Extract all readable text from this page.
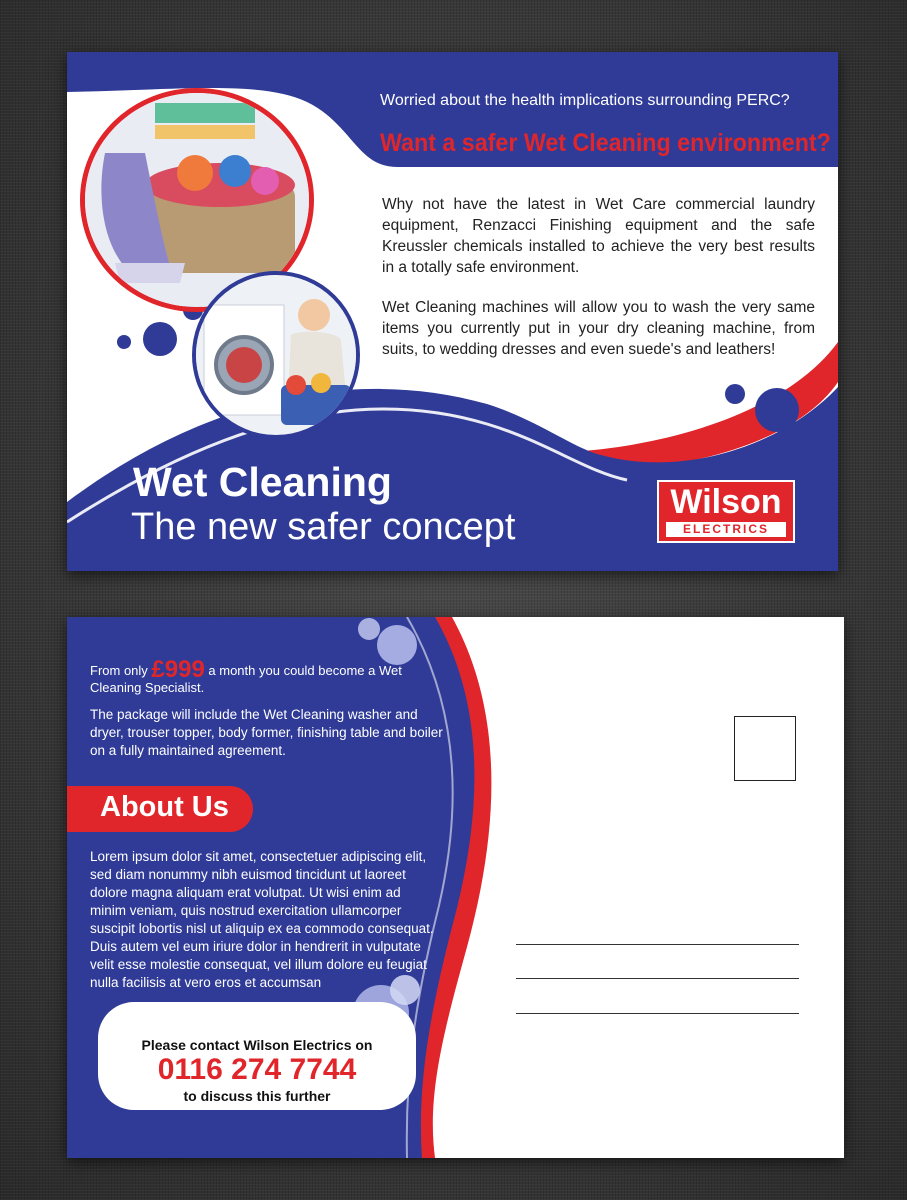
Worried about the health implications surrounding PERC?

Want a safer Wet Cleaning environment?

Why not have the latest in Wet Care commercial laundry equipment, Renzacci Finishing equipment and the safe Kreussler chemicals installed to achieve the very best results in a totally safe environment.

Wet Cleaning machines will allow you to wash the very same items you currently put in your dry cleaning machine, from suits, to wedding dresses and even suede's and leathers!

Wet Cleaning

The new safer concept

Wilson
ELECTRICS

From only £999 a month you could become a Wet Cleaning Specialist.

The package will include the Wet Cleaning washer and dryer, trouser topper, body former, finishing table and boiler on a fully maintained agreement.

About Us

Lorem ipsum dolor sit amet, consectetuer adipiscing elit, sed diam nonummy nibh euismod tincidunt ut laoreet dolore magna aliquam erat volutpat. Ut wisi enim ad minim veniam, quis nostrud exercitation ullamcorper suscipit lobortis nisl ut aliquip ex ea commodo consequat. Duis autem vel eum iriure dolor in hendrerit in vulputate velit esse molestie consequat, vel illum dolore eu feugiat nulla facilisis at vero eros et accumsan

Please contact Wilson Electrics on

0116 274 7744

to discuss this further
